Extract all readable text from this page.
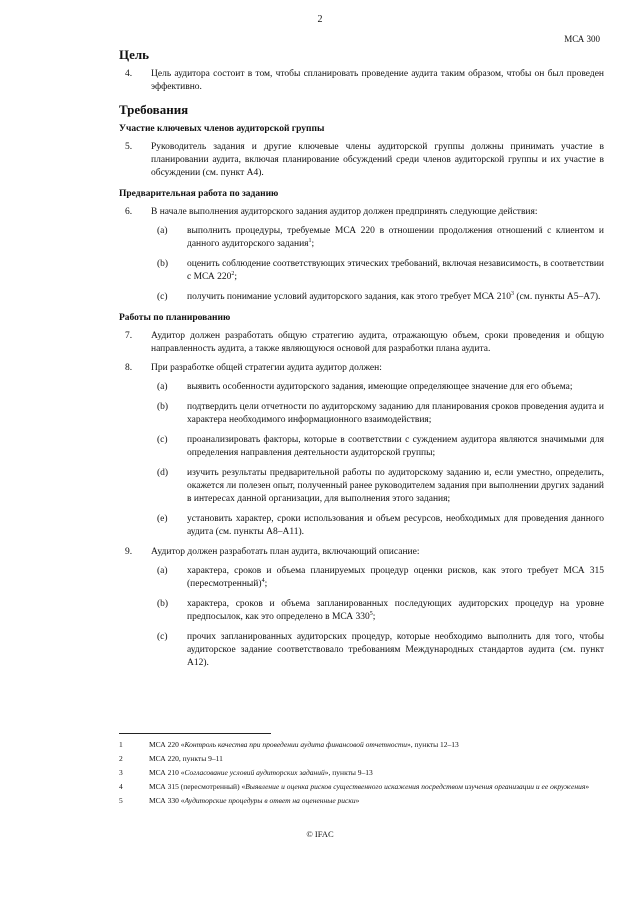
2
МСА 300
Цель
4.	Цель аудитора состоит в том, чтобы спланировать проведение аудита таким образом, чтобы он был проведен эффективно.
Требования
Участие ключевых членов аудиторской группы
5.	Руководитель задания и другие ключевые члены аудиторской группы должны принимать участие в планировании аудита, включая планирование обсуждений среди членов аудиторской группы и их участие в обсуждении (см. пункт А4).
Предварительная работа по заданию
6.	В начале выполнения аудиторского задания аудитор должен предпринять следующие действия:
(a)	выполнить процедуры, требуемые МСА 220 в отношении продолжения отношений с клиентом и данного аудиторского задания$^1$;
(b)	оценить соблюдение соответствующих этических требований, включая независимость, в соответствии с МСА $220^2$;
(c)	получить понимание условий аудиторского задания, как этого требует МСА $210^3$ (см. пункты А5–А7).
Работы по планированию
7.	Аудитор должен разработать общую стратегию аудита, отражающую объем, сроки проведения и общую направленность аудита, а также являющуюся основой для разработки плана аудита.
8.	При разработке общей стратегии аудита аудитор должен:
(a)	выявить особенности аудиторского задания, имеющие определяющее значение для его объема;
(b)	подтвердить цели отчетности по аудиторскому заданию для планирования сроков проведения аудита и характера необходимого информационного взаимодействия;
(c)	проанализировать факторы, которые в соответствии с суждением аудитора являются значимыми для определения направления деятельности аудиторской группы;
(d)	изучить результаты предварительной работы по аудиторскому заданию и, если уместно, определить, окажется ли полезен опыт, полученный ранее руководителем задания при выполнении других заданий в интересах данной организации, для выполнения этого задания;
(e)	установить характер, сроки использования и объем ресурсов, необходимых для проведения данного аудита (см. пункты А8–А11).
9.	Аудитор должен разработать план аудита, включающий описание:
(a)	характера, сроков и объема планируемых процедур оценки рисков, как этого требует МСА 315 (пересмотренный)$^4$;
(b)	характера, сроков и объема запланированных последующих аудиторских процедур на уровне предпосылок, как это определено в МСА $330^5$;
(c)	прочих запланированных аудиторских процедур, которые необходимо выполнить для того, чтобы аудиторское задание соответствовало требованиям Международных стандартов аудита (см. пункт А12).
1	МСА 220 «Контроль качества при проведении аудита финансовой отчетности», пункты 12–13
2	МСА 220, пункты 9–11
3	МСА 210 «Согласование условий аудиторских заданий», пункты 9–13
4	МСА 315 (пересмотренный) «Выявление и оценка рисков существенного искажения посредством изучения организации и ее окружения»
5	МСА 330 «Аудиторские процедуры в ответ на оцененные риски»
© IFAC
